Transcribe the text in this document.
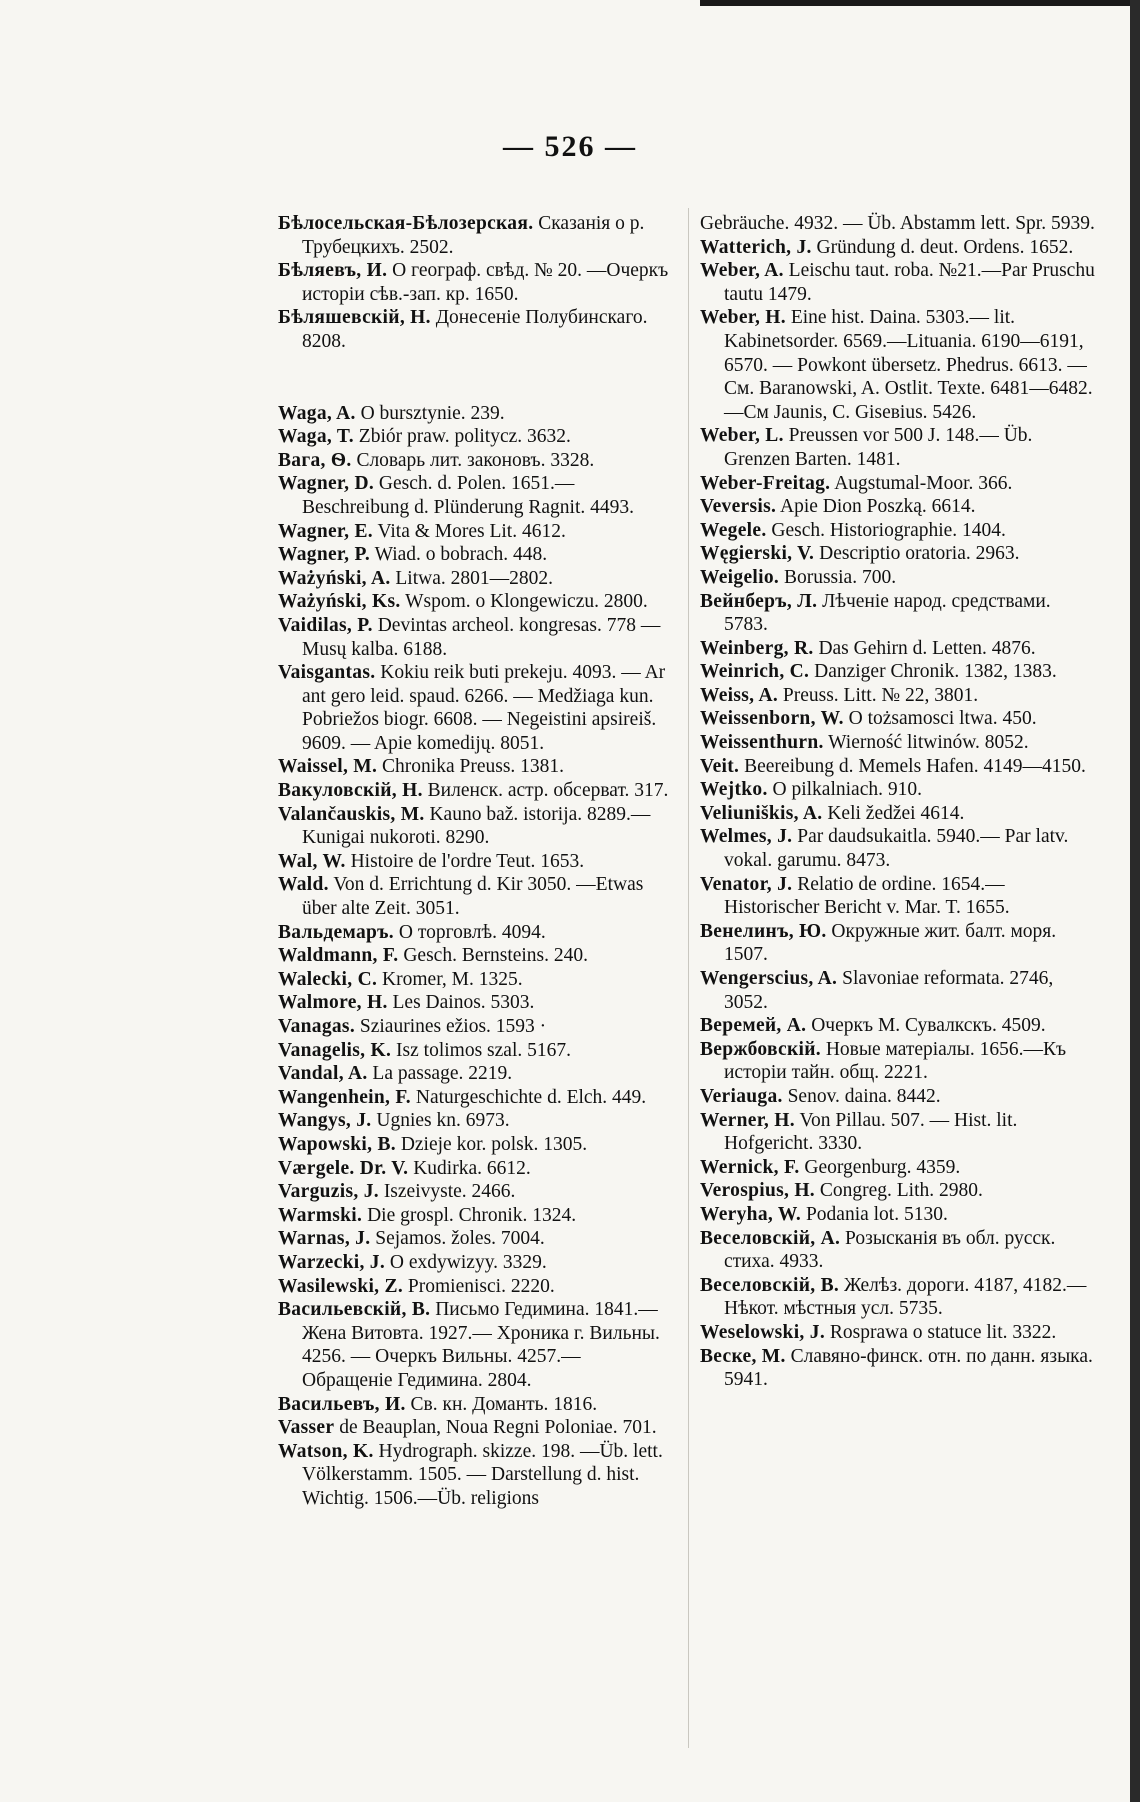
— 526 —

Бѣлосельская-Бѣлозерская. Сказанія о р. Трубецкихъ. 2502.

Бѣляевъ, И. О географ. свѣд. № 20. —Очеркъ исторіи сѣв.-зап. кр. 1650.

Бѣляшевскій, Н. Донесеніе Полубинскаго. 8208.

Waga, A. O bursztynie. 239.

Waga, T. Zbiór praw. politycz. 3632.

Вага, Ѳ. Словарь лит. законовъ. 3328.

Wagner, D. Gesch. d. Polen. 1651.— Beschreibung d. Plünderung Ragnit. 4493.

Wagner, E. Vita & Mores Lit. 4612.

Wagner, P. Wiad. o bobrach. 448.

Ważyński, A. Litwa. 2801—2802.

Ważyński, Ks. Wspom. o Klongewiczu. 2800.

Vaidilas, P. Devintas archeol. kongresas. 778 —Musų kalba. 6188.

Vaisgantas. Kokiu reik buti prekeju. 4093. — Ar ant gero leid. spaud. 6266. — Medžiaga kun. Pobriežos biogr. 6608. — Negeistini apsireiš. 9609. — Apie komedijų. 8051.

Waissel, M. Chronika Preuss. 1381.

Вакуловскій, Н. Виленск. астр. обсерват. 317.

Valančauskis, M. Kauno bаž. istorija. 8289.—Kunigai nukoroti. 8290.

Wal, W. Histoire de l'ordre Teut. 1653.

Wald. Von d. Errichtung d. Kir 3050. —Etwas über alte Zeit. 3051.

Вальдемаръ. О торговлѣ. 4094.

Waldmann, F. Gesch. Bernsteins. 240.

Walecki, C. Kromer, M. 1325.

Walmore, H. Les Dainos. 5303.

Vanagas. Sziaurines ežios. 1593 ·

Vanagelis, K. Isz tolimos szal. 5167.

Vandal, A. La passage. 2219.

Wangenhein, F. Naturgeschichte d. Elch. 449.

Wangys, J. Ugnies kn. 6973.

Wapowski, B. Dzieje kor. polsk. 1305.

Værgele. Dr. V. Kudirka. 6612.

Varguzis, J. Iszeivyste. 2466.

Warmski. Die grospl. Chronik. 1324.

Warnas, J. Sejamos. žoles. 7004.

Warzecki, J. O exdywizyy. 3329.

Wasilewski, Z. Promienisci. 2220.

Васильевскій, В. Письмо Гедимина. 1841.—Жена Витовта. 1927.— Хроника г. Вильны. 4256. — Очеркъ Вильны. 4257.— Обращеніе Гедимина. 2804.

Васильевъ, И. Св. кн. Доманть. 1816.

Vasser de Beauplan, Noua Regni Poloniae. 701.

Watson, K. Hydrograph. skizze. 198. —Üb. lett. Völkerstamm. 1505. — Darstellung d. hist. Wichtig. 1506.—Üb. religions

Gebräuche. 4932. — Üb. Abstamm lett. Spr. 5939.

Watterich, J. Gründung d. deut. Ordens. 1652.

Weber, A. Leischu taut. roba. №21.—Par Pruschu tautu 1479.

Weber, H. Eine hist. Daina. 5303.— lit. Kabinetsorder. 6569.—Lituania. 6190—6191, 6570. — Powkont übersetz. Phedrus. 6613. — См. Baranowski, A. Ostlit. Texte. 6481—6482.—См Jaunis, C. Giseвius. 5426.

Weber, L. Preussen vor 500 J. 148.— Üb. Grenzen Barten. 1481.

Weber-Freitag. Augstumal-Moor. 366.

Veversis. Apie Dion Poszką. 6614.

Wegele. Gesch. Historiographie. 1404.

Węgierski, V. Descriptio oratoria. 2963.

Weigelio. Borussia. 700.

Вейнберъ, Л. Лѣченіе народ. средствами. 5783.

Weinberg, R. Das Gehirn d. Letten. 4876.

Weinrich, C. Danziger Chronik. 1382, 1383.

Weiss, A. Preuss. Litt. № 22, 3801.

Weissenborn, W. O tożsamosci ltwa. 450.

Weissenthurn. Wierność litwinów. 8052.

Veit. Beereibung d. Memels Hafen. 4149—4150.

Wejtko. O pilkalniach. 910.

Veliuniškis, A. Keli žedžei 4614.

Welmes, J. Par daudsukaitla. 5940.— Par latv. vokal. garumu. 8473.

Venator, J. Relatio de ordine. 1654.— Historischer Bericht v. Mar. T. 1655.

Венелинъ, Ю. Окружные жит. балт. моря. 1507.

Wengerscius, A. Slavoniae reformata. 2746, 3052.

Веремей, А. Очеркъ М. Сувалкскъ. 4509.

Вержбовскій. Новые матеріалы. 1656.—Къ исторіи тайн. общ. 2221.

Veriauga. Senov. daina. 8442.

Werner, H. Von Pillau. 507. — Hist. lit. Hofgericht. 3330.

Wernick, F. Georgenburg. 4359.

Verospius, H. Congreg. Lith. 2980.

Weryha, W. Podania lot. 5130.

Веселовскій, А. Розысканія въ обл. русск. стиха. 4933.

Веселовскій, В. Желѣз. дороги. 4187, 4182.—Нѣкот. мѣстныя усл. 5735.

Weselowski, J. Rosprawa o statuce lit. 3322.

Веске, М. Славяно-финск. отн. по данн. языка. 5941.
